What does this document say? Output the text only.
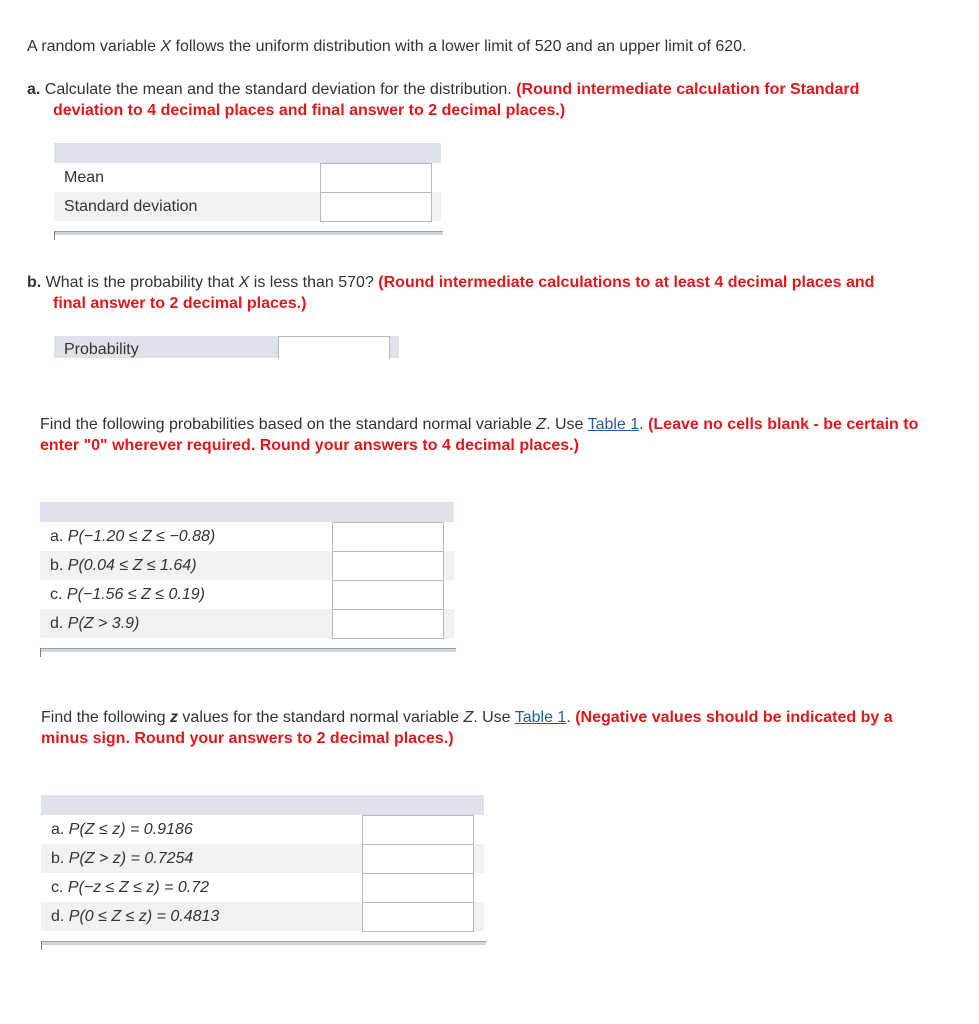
A random variable X follows the uniform distribution with a lower limit of 520 and an upper limit of 620.

a. Calculate the mean and the standard deviation for the distribution. (Round intermediate calculation for Standard deviation to 4 decimal places and final answer to 2 decimal places.)

Mean
Standard deviation

b. What is the probability that X is less than 570? (Round intermediate calculations to at least 4 decimal places and final answer to 2 decimal places.)

Probability

Find the following probabilities based on the standard normal variable Z. Use Table 1. (Leave no cells blank - be certain to enter "0" wherever required. Round your answers to 4 decimal places.)

a. P(−1.20 ≤ Z ≤ −0.88)
b. P(0.04 ≤ Z ≤ 1.64)
c. P(−1.56 ≤ Z ≤ 0.19)
d. P(Z > 3.9)

Find the following z values for the standard normal variable Z. Use Table 1. (Negative values should be indicated by a minus sign. Round your answers to 2 decimal places.)

a. P(Z ≤ z) = 0.9186
b. P(Z > z) = 0.7254
c. P(−z ≤ Z ≤ z) = 0.72
d. P(0 ≤ Z ≤ z) = 0.4813
